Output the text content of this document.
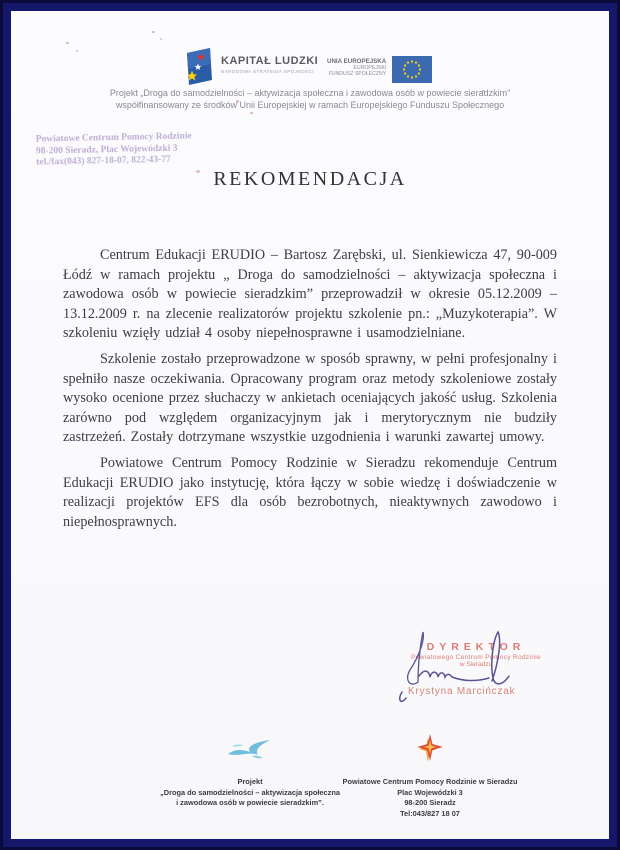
KAPITAŁ LUDZKI
NARODOWA STRATEGIA SPÓJNOŚCI
UNIA EUROPEJSKA
EUROPEJSKI
FUNDUSZ SPOŁECZNY
Projekt „Droga do samodzielności – aktywizacja społeczna i zawodowa osób w powiecie sieradzkim”
współfinansowany ze środków Unii Europejskiej w ramach Europejskiego Funduszu Społecznego
Powiatowe Centrum Pomocy Rodzinie
98-200 Sieradz, Plac Wojewódzki 3
tel./fax(043) 827-18-07, 822-43-77
REKOMENDACJA

Centrum Edukacji ERUDIO – Bartosz Zarębski, ul. Sienkiewicza 47, 90-009 Łódź w ramach projektu „ Droga do samodzielności – aktywizacja społeczna i zawodowa osób w powiecie sieradzkim” przeprowadził w okresie 05.12.2009 – 13.12.2009 r. na zlecenie realizatorów projektu szkolenie pn.: „Muzykoterapia”. W szkoleniu wzięły udział 4 osoby niepełnosprawne i usamodzielniane.

Szkolenie zostało przeprowadzone w sposób sprawny, w pełni profesjonalny i spełniło nasze oczekiwania. Opracowany program oraz metody szkoleniowe zostały wysoko ocenione przez słuchaczy w ankietach oceniających jakość usług. Szkolenia zarówno pod względem organizacyjnym jak i merytorycznym nie budziły zastrzeżeń. Zostały dotrzymane wszystkie uzgodnienia i warunki zawartej umowy.

Powiatowe Centrum Pomocy Rodzinie w Sieradzu rekomenduje Centrum Edukacji ERUDIO jako instytucję, która łączy w sobie wiedzę i doświadczenie w realizacji projektów EFS dla osób bezrobotnych, nieaktywnych zawodowo i niepełnosprawnych.

DYREKTOR
Powiatowego Centrum Pomocy Rodzinie
w Sieradzu
Krystyna Marcińczak
Projekt
„Droga do samodzielności – aktywizacja społeczna
i zawodowa osób w powiecie sieradzkim”.
Powiatowe Centrum Pomocy Rodzinie w Sieradzu
Plac Wojewódzki 3
98-200 Sieradz
Tel:043/827 18 07
